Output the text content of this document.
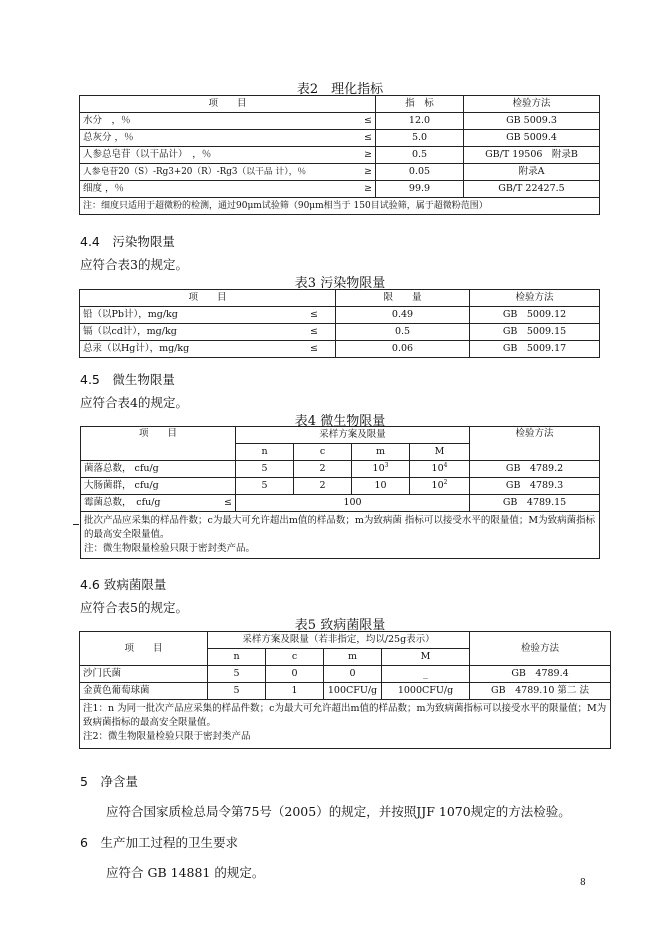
表2　理化指标
项　　目	指　标	检验方法

水分　，％ ≤	12.0	GB 5009.3

总灰分 ，％ ≤	5.0	GB 5009.4

人参总皂苷（以干品计）　，％ ≥	0.5	GB/T 19506　附录B

人参皂苷20（S）-Rg3+20（R）-Rg3（以干品 计），％ ≥	0.05	附录A

细度 ，％ ≥	99.9	GB/T 22427.5
注：细度只适用于超微粉的检测，通过90μm试验筛（90μm相当于 150目试验筛，属于超微粉范围）		
4.4　污染物限量
应符合表3的规定。
表3 污染物限量
项　　目	限　　量	检验方法

铅（以Pb计），mg/kg ≤	0.49	GB　5009.12

镉（以cd计），mg/kg ≤	0.5	GB　5009.15

总汞（以Hg计），mg/kg ≤	0.06	GB　5009.17
4.5　微生物限量
应符合表4的规定。
表4 微生物限量
项　　目	采样方案及限量				检验方法
	n	c	m	M	
菌落总数， cfu/g	5	2	$10^3$	$10^4$	GB　4789.2
大肠菌群， cfu/g	5	2	10	$10^2$	GB　4789.3

霉菌总数，　cfu/g ≤	100				GB　4789.15

批次产品应采集的样品件数；c为最大可允许超出m值的样品数；m为致病菌 指标可以接受水平的限量值；M为致病菌指标的最高安全限量值。
注：微生物限量检验只限于密封类产品。					
4.6 致病菌限量
应符合表5的规定。
表5 致病菌限量
项　　目	采样方案及限量（若非指定，均以/25g表示）				检验方法
	n	c	m	M	
沙门氏菌	5	0	0	_	GB　4789.4
金黄色葡萄球菌	5	1	100CFU/g	1000CFU/g	GB　4789.10 第二 法

注1：n 为同一批次产品应采集的样品件数；c为最大可允许超出m值的样品数；m为致病菌指标可以接受水平的限量值；M为致病菌指标的最高安全限量值。
注2：微生物限量检验只限于密封类产品					
5　净含量
应符合国家质检总局令第75号（2005）的规定，并按照JJF 1070规定的方法检验。
6　生产加工过程的卫生要求
应符合 GB 14881 的规定。
8
